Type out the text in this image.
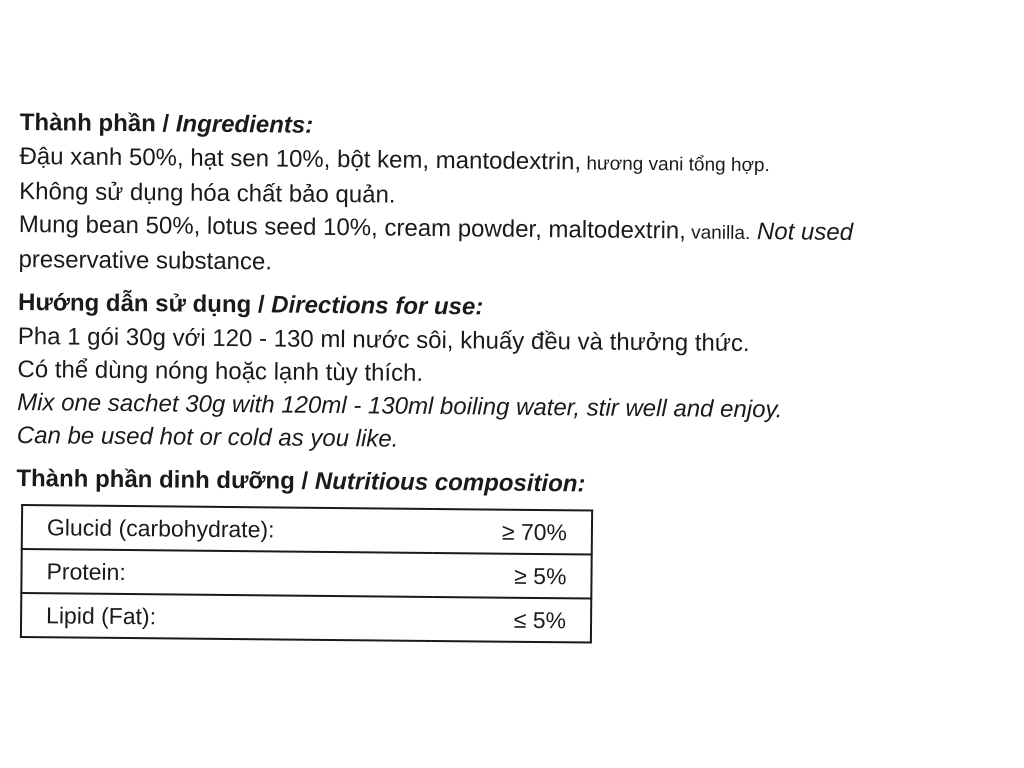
Thành phần / Ingredients:

Đậu xanh 50%, hạt sen 10%, bột kem, mantodextrin, hương vani tổng hợp.

Không sử dụng hóa chất bảo quản.

Mung bean 50%, lotus seed 10%, cream powder, maltodextrin, vanilla. Not used

preservative substance.

Hướng dẫn sử dụng / Directions for use:

Pha 1 gói 30g với 120 - 130 ml nước sôi, khuấy đều và thưởng thức.

Có thể dùng nóng hoặc lạnh tùy thích.

Mix one sachet 30g with 120ml - 130ml boiling water, stir well and enjoy.

Can be used hot or cold as you like.

Thành phần dinh dưỡng / Nutritious composition:

Glucid (carbohydrate):	≥ 70%
Protein:	≥ 5%
Lipid (Fat):	≤ 5%
